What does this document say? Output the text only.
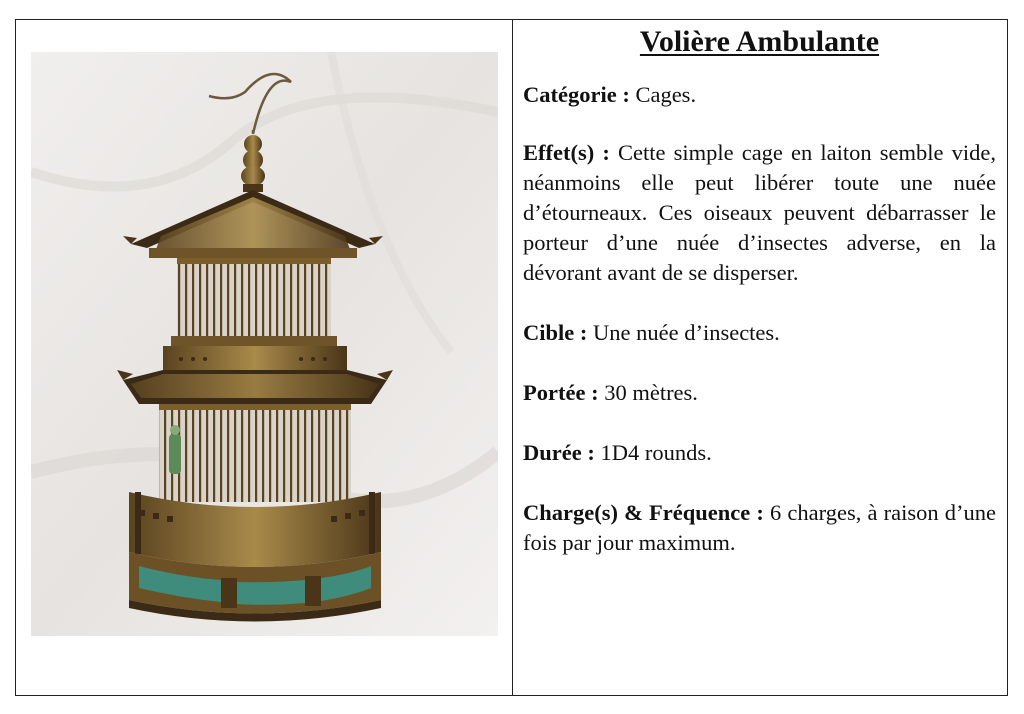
Volière Ambulante

Catégorie : Cages.

Effet(s) : Cette simple cage en laiton semble vide, néanmoins elle peut libérer toute une nuée d’étourneaux. Ces oiseaux peuvent débarrasser le porteur d’une nuée d’insectes adverse, en la dévorant avant de se disperser.

Cible : Une nuée d’insectes.

Portée : 30 mètres.

Durée : 1D4 rounds.

Charge(s) & Fréquence : 6 charges, à raison d’une fois par jour maximum.
